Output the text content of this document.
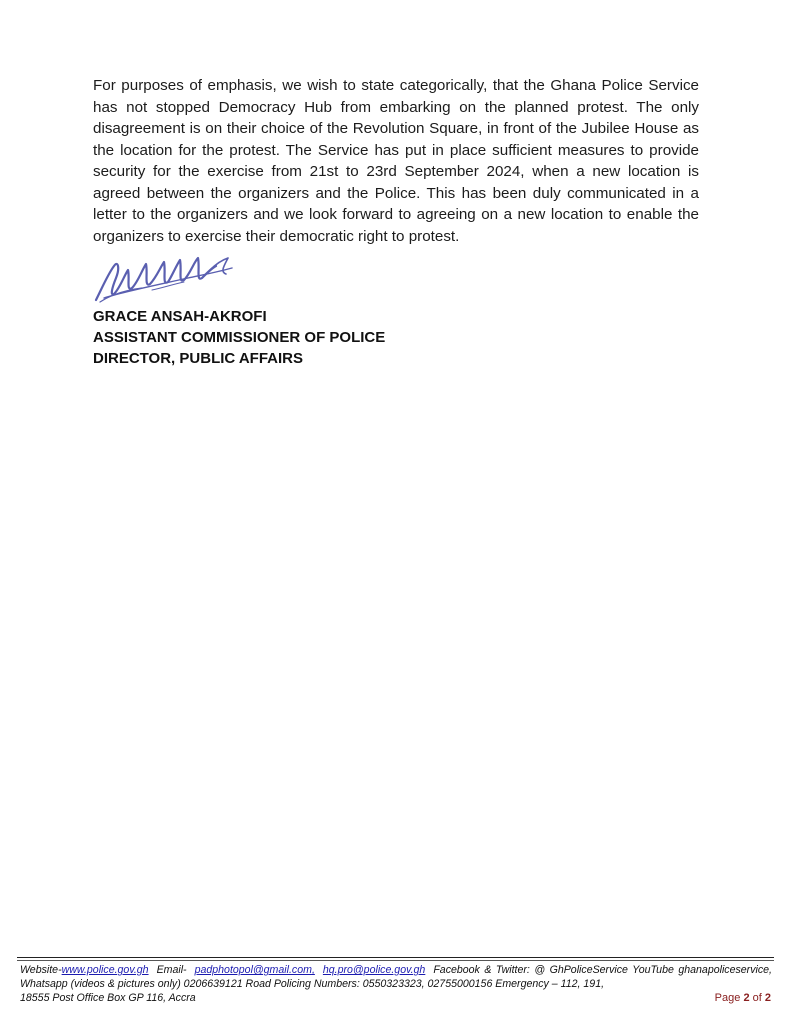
For purposes of emphasis, we wish to state categorically, that the Ghana Police Service has not stopped Democracy Hub from embarking on the planned protest. The only disagreement is on their choice of the Revolution Square, in front of the Jubilee House as the location for the protest. The Service has put in place sufficient measures to provide security for the exercise from 21st to 23rd September 2024, when a new location is agreed between the organizers and the Police. This has been duly communicated in a letter to the organizers and we look forward to agreeing on a new location to enable the organizers to exercise their democratic right to protest.

GRACE ANSAH-AKROFI
ASSISTANT COMMISSIONER OF POLICE
DIRECTOR, PUBLIC AFFAIRS
Website-www.police.gov.gh Email- padphotopol@gmail.com, hq.pro@police.gov.gh Facebook & Twitter: @ GhPoliceService YouTube ghanapoliceservice, Whatsapp (videos & pictures only) 0206639121 Road Policing Numbers: 0550323323, 02755000156 Emergency – 112, 191,
18555 Post Office Box GP 116, Accra	Page 2 of 2
